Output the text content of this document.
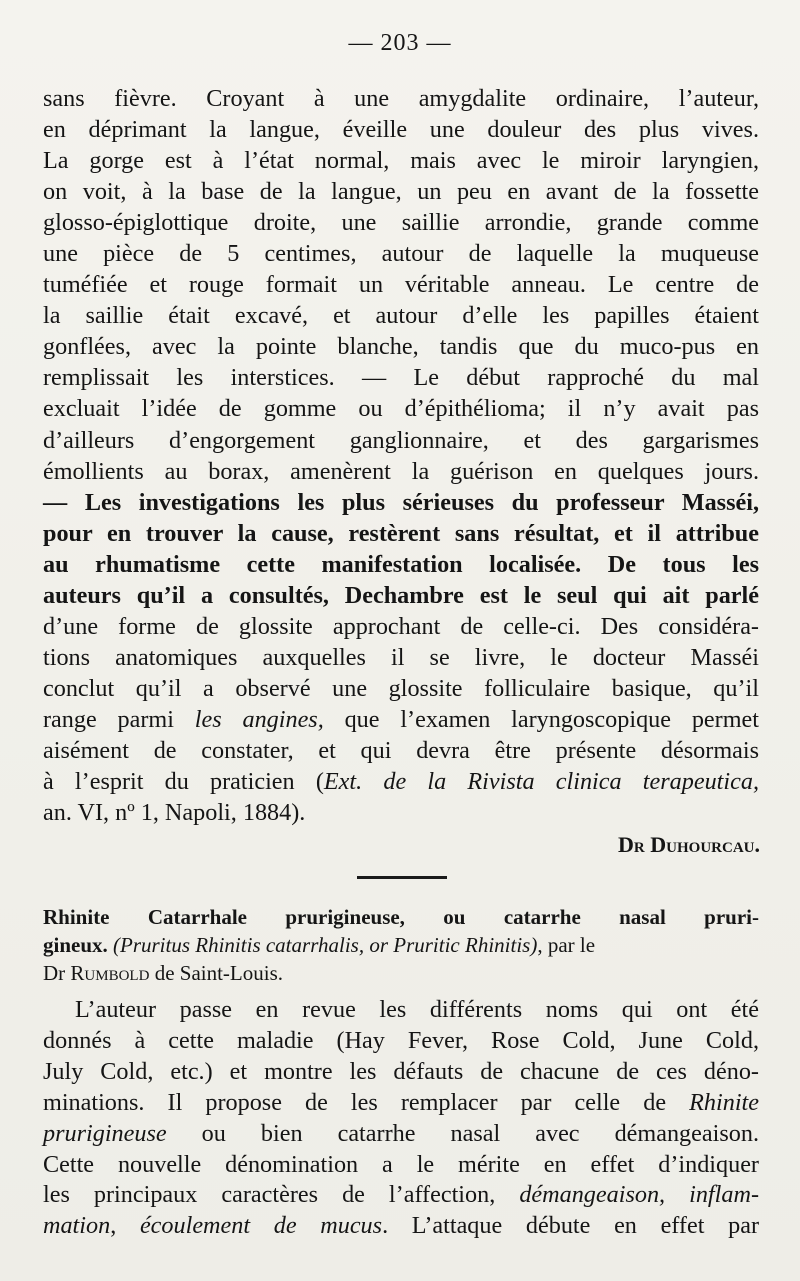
— 203 —
sans fièvre. Croyant à une amygdalite ordinaire, l’auteur,
en déprimant la langue, éveille une douleur des plus vives.
La gorge est à l’état normal, mais avec le miroir laryngien,
on voit, à la base de la langue, un peu en avant de la fossette
glosso-épiglottique droite, une saillie arrondie, grande comme
une pièce de 5 centimes, autour de laquelle la muqueuse
tuméfiée et rouge formait un véritable anneau. Le centre de
la saillie était excavé, et autour d’elle les papilles étaient
gonflées, avec la pointe blanche, tandis que du muco-pus en
remplissait les interstices. — Le début rapproché du mal
excluait l’idée de gomme ou d’épithélioma; il n’y avait pas
d’ailleurs d’engorgement ganglionnaire, et des gargarismes
émollients au borax, amenèrent la guérison en quelques jours.
— Les investigations les plus sérieuses du professeur Masséi,
pour en trouver la cause, restèrent sans résultat, et il attribue
au rhumatisme cette manifestation localisée. De tous les
auteurs qu’il a consultés, Dechambre est le seul qui ait parlé
d’une forme de glossite approchant de celle-ci. Des considéra-
tions anatomiques auxquelles il se livre, le docteur Masséi
conclut qu’il a observé une glossite folliculaire basique, qu’il
range parmi les angines, que l’examen laryngoscopique permet
aisément de constater, et qui devra être présente désormais
à l’esprit du praticien (Ext. de la Rivista clinica terapeutica,
an. VI, nº 1, Napoli, 1884).
Dr Duhourcau.
Rhinite Catarrhale prurigineuse, ou catarrhe nasal pruri-
gineux. (Pruritus Rhinitis catarrhalis, or Pruritic Rhinitis), par le
Dr Rumbold de Saint-Louis.
L’auteur passe en revue les différents noms qui ont été
donnés à cette maladie (Hay Fever, Rose Cold, June Cold,
July Cold, etc.) et montre les défauts de chacune de ces déno-
minations. Il propose de les remplacer par celle de Rhinite
prurigineuse ou bien catarrhe nasal avec démangeaison.
Cette nouvelle dénomination a le mérite en effet d’indiquer
les principaux caractères de l’affection, démangeaison, inflam-
mation, écoulement de mucus. L’attaque débute en effet par
